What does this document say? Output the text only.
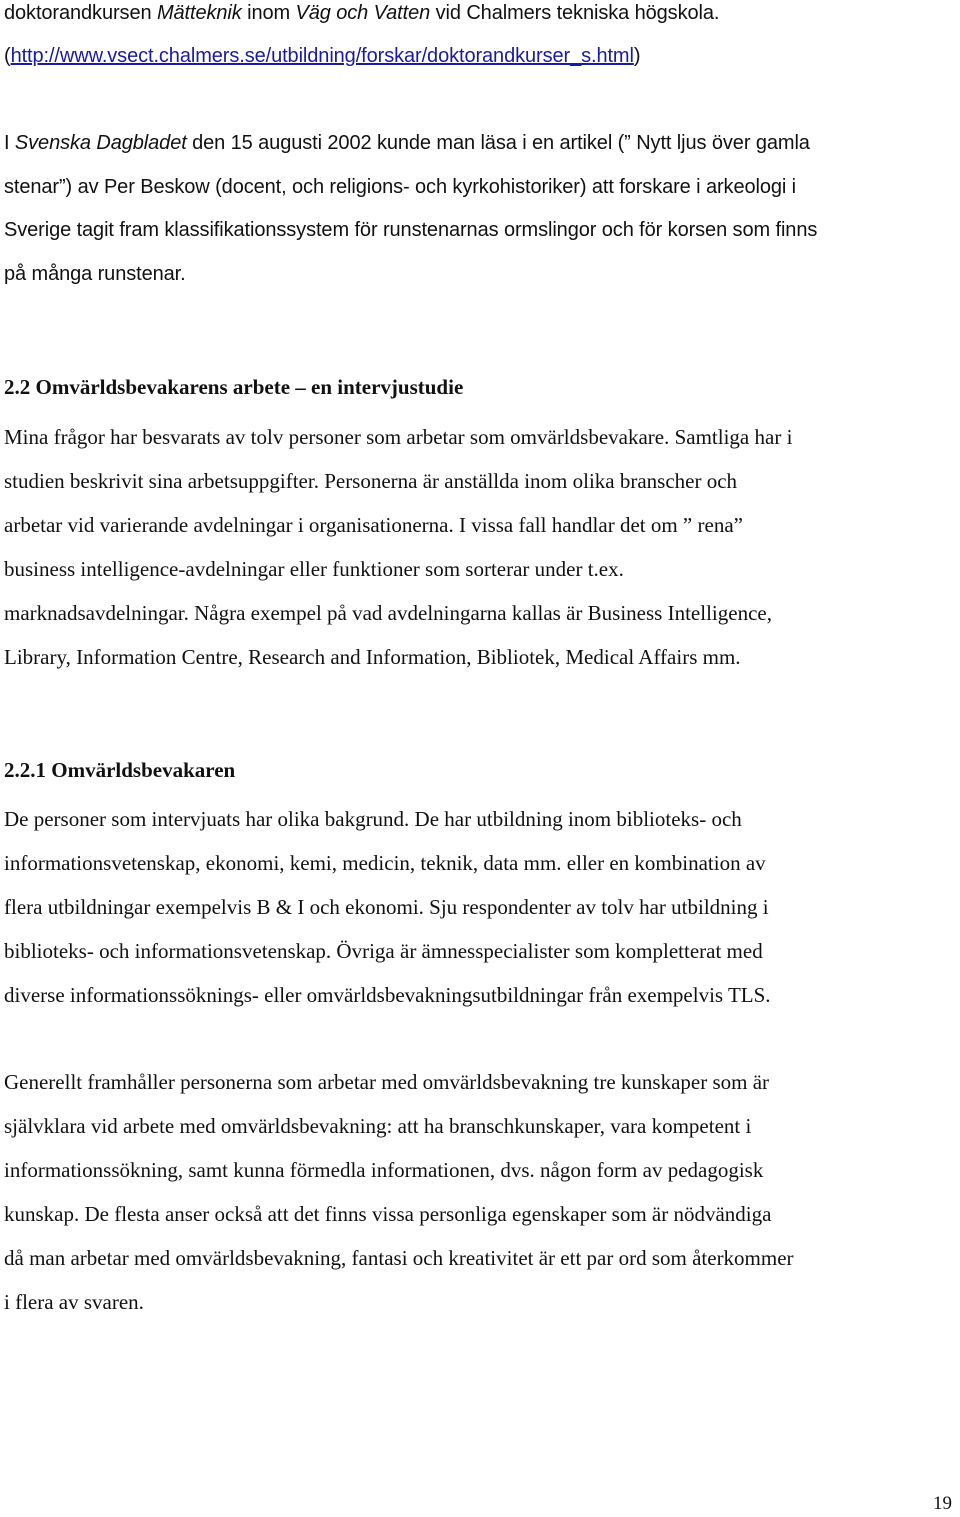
doktorandkursen Mätteknik inom Väg och Vatten vid Chalmers tekniska högskola.
(http://www.vsect.chalmers.se/utbildning/forskar/doktorandkurser_s.html)
I Svenska Dagbladet den 15 augusti 2002 kunde man läsa i en artikel (” Nytt ljus över gamla
stenar”) av Per Beskow (docent, och religions- och kyrkohistoriker) att forskare i arkeologi i
Sverige tagit fram klassifikationssystem för runstenarnas ormslingor och för korsen som finns
på många runstenar.
2.2 Omvärldsbevakarens arbete – en intervjustudie
Mina frågor har besvarats av tolv personer som arbetar som omvärldsbevakare. Samtliga har i
studien beskrivit sina arbetsuppgifter. Personerna är anställda inom olika branscher och
arbetar vid varierande avdelningar i organisationerna. I vissa fall handlar det om ” rena”
business intelligence-avdelningar eller funktioner som sorterar under t.ex.
marknadsavdelningar. Några exempel på vad avdelningarna kallas är Business Intelligence,
Library, Information Centre, Research and Information, Bibliotek, Medical Affairs mm.
2.2.1 Omvärldsbevakaren
De personer som intervjuats har olika bakgrund. De har utbildning inom biblioteks- och
informationsvetenskap, ekonomi, kemi, medicin, teknik, data mm. eller en kombination av
flera utbildningar exempelvis B & I och ekonomi. Sju respondenter av tolv har utbildning i
biblioteks- och informationsvetenskap. Övriga är ämnesspecialister som kompletterat med
diverse informationssöknings- eller omvärldsbevakningsutbildningar från exempelvis TLS.
Generellt framhåller personerna som arbetar med omvärldsbevakning tre kunskaper som är
självklara vid arbete med omvärldsbevakning: att ha branschkunskaper, vara kompetent i
informationssökning, samt kunna förmedla informationen, dvs. någon form av pedagogisk
kunskap. De flesta anser också att det finns vissa personliga egenskaper som är nödvändiga
då man arbetar med omvärldsbevakning, fantasi och kreativitet är ett par ord som återkommer
i flera av svaren.
19
